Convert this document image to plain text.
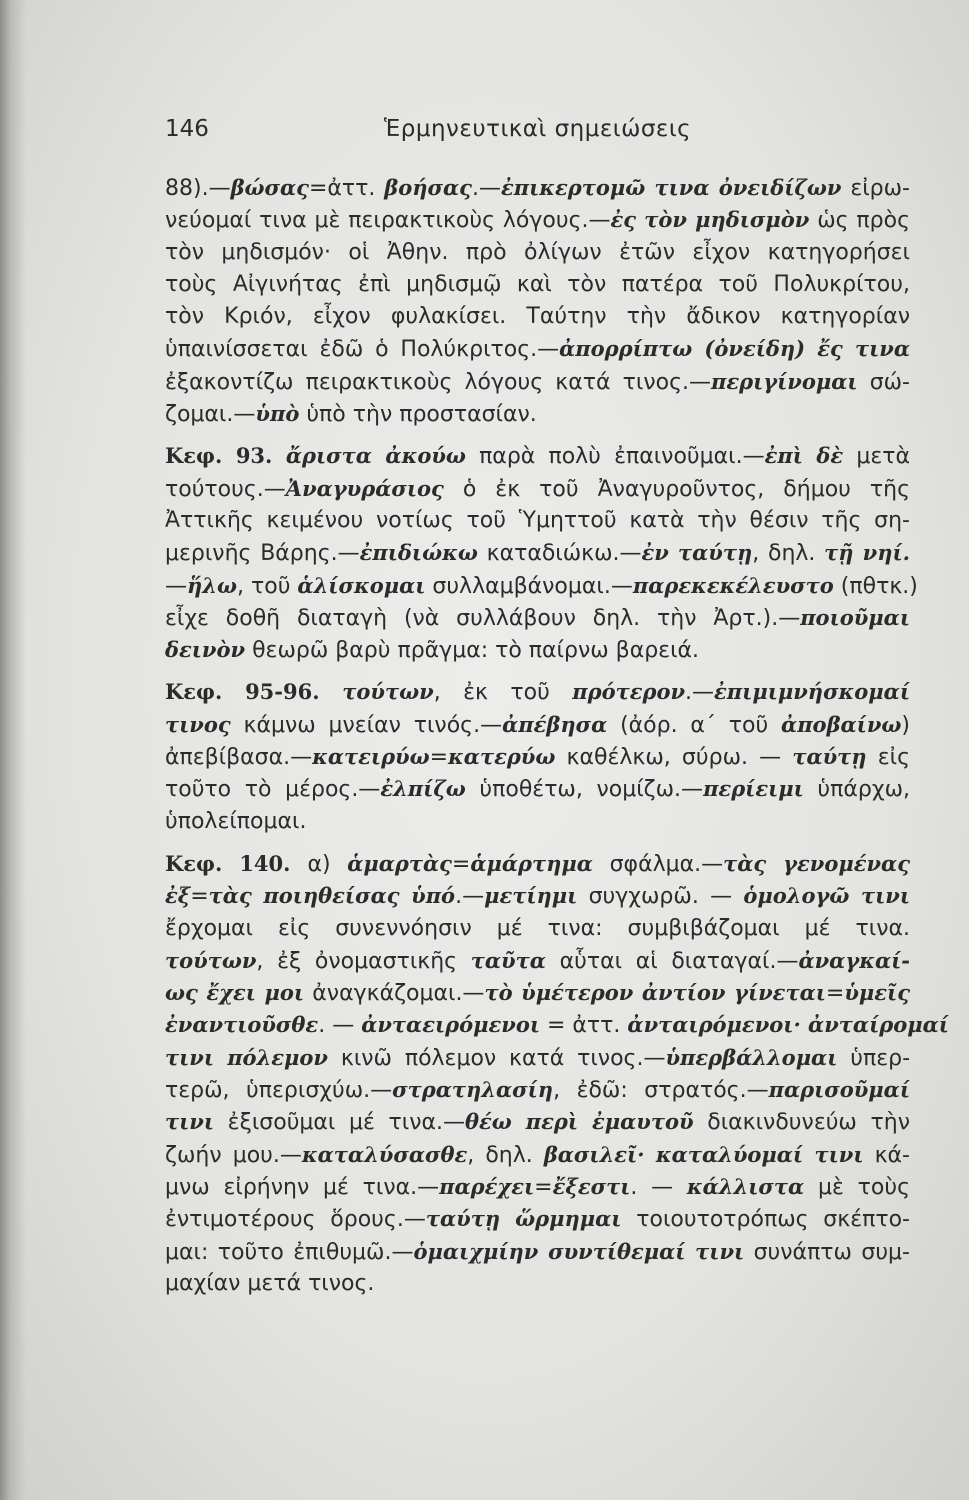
146	Ἑρμηνευτικαὶ σημειώσεις
88).—βώσας=ἀττ. βοήσας.—ἐπικερτομῶ τινα ὀνειδίζων εἰρω-
νεύομαί τινα μὲ πειρακτικοὺς λόγους.—ἐς τὸν μηδισμὸν ὡς πρὸς
τὸν μηδισμόν· οἱ Ἀθην. πρὸ ὀλίγων ἐτῶν εἶχον κατηγορήσει
τοὺς Αἰγινήτας ἐπὶ μηδισμῷ καὶ τὸν πατέρα τοῦ Πολυκρίτου,
τὸν Κριόν, εἶχον φυλακίσει. Ταύτην τὴν ἄδικον κατηγορίαν
ὑπαινίσσεται ἐδῶ ὁ Πολύκριτος.—ἀπορρίπτω (ὀνείδη) ἔς τινα
ἐξακοντίζω πειρακτικοὺς λόγους κατά τινος.—περιγίνομαι σώ-
ζομαι.—ὑπὸ ὑπὸ τὴν προστασίαν.
Κεφ. 93. ἄριστα ἀκούω παρὰ πολὺ ἐπαινοῦμαι.—ἐπὶ δὲ μετὰ
τούτους.—Ἀναγυράσιος ὁ ἐκ τοῦ Ἀναγυροῦντος, δήμου τῆς
Ἀττικῆς κειμένου νοτίως τοῦ Ὑμηττοῦ κατὰ τὴν θέσιν τῆς ση-
μερινῆς Βάρης.—ἐπιδιώκω καταδιώκω.—ἐν ταύτῃ, δηλ. τῇ νηί.
—ἥλω, τοῦ ἁλίσκομαι συλλαμβάνομαι.—παρεκεκέλευστο (πθτκ.)
εἶχε δοθῆ διαταγὴ (νὰ συλλάβουν δηλ. τὴν Ἀρτ.).—ποιοῦμαι
δεινὸν θεωρῶ βαρὺ πρᾶγμα: τὸ παίρνω βαρειά.
Κεφ. 95-96. τούτων, ἐκ τοῦ πρότερον.—ἐπιμιμνήσκομαί
τινος κάμνω μνείαν τινός.—ἀπέβησα (ἀόρ. α΄ τοῦ ἀποβαίνω)
ἀπεβίβασα.—κατειρύω=κατερύω καθέλκω, σύρω. — ταύτῃ εἰς
τοῦτο τὸ μέρος.—ἐλπίζω ὑποθέτω, νομίζω.—περίειμι ὑπάρχω,
ὑπολείπομαι.
Κεφ. 140. α) ἁμαρτὰς=ἁμάρτημα σφάλμα.—τὰς γενομένας
ἐξ=τὰς ποιηθείσας ὑπό.—μετίημι συγχωρῶ. — ὁμολογῶ τινι
ἔρχομαι εἰς συνεννόησιν μέ τινα: συμβιβάζομαι μέ τινα.
τούτων, ἐξ ὀνομαστικῆς ταῦτα αὗται αἱ διαταγαί.—ἀναγκαί-
ως ἔχει μοι ἀναγκάζομαι.—τὸ ὑμέτερον ἀντίον γίνεται=ὑμεῖς
ἐναντιοῦσθε. — ἀνταειρόμενοι = ἀττ. ἀνταιρόμενοι· ἀνταίρομαί
τινι πόλεμον κινῶ πόλεμον κατά τινος.—ὑπερβάλλομαι ὑπερ-
τερῶ, ὑπερισχύω.—στρατηλασίη, ἐδῶ: στρατός.—παρισοῦμαί
τινι ἐξισοῦμαι μέ τινα.—θέω περὶ ἐμαυτοῦ διακινδυνεύω τὴν
ζωήν μου.—καταλύσασθε, δηλ. βασιλεῖ· καταλύομαί τινι κά-
μνω εἰρήνην μέ τινα.—παρέχει=ἔξεστι. — κάλλιστα μὲ τοὺς
ἐντιμοτέρους ὅρους.—ταύτῃ ὥρμημαι τοιουτοτρόπως σκέπτο-
μαι: τοῦτο ἐπιθυμῶ.—ὁμαιχμίην συντίθεμαί τινι συνάπτω συμ-
μαχίαν μετά τινος.
